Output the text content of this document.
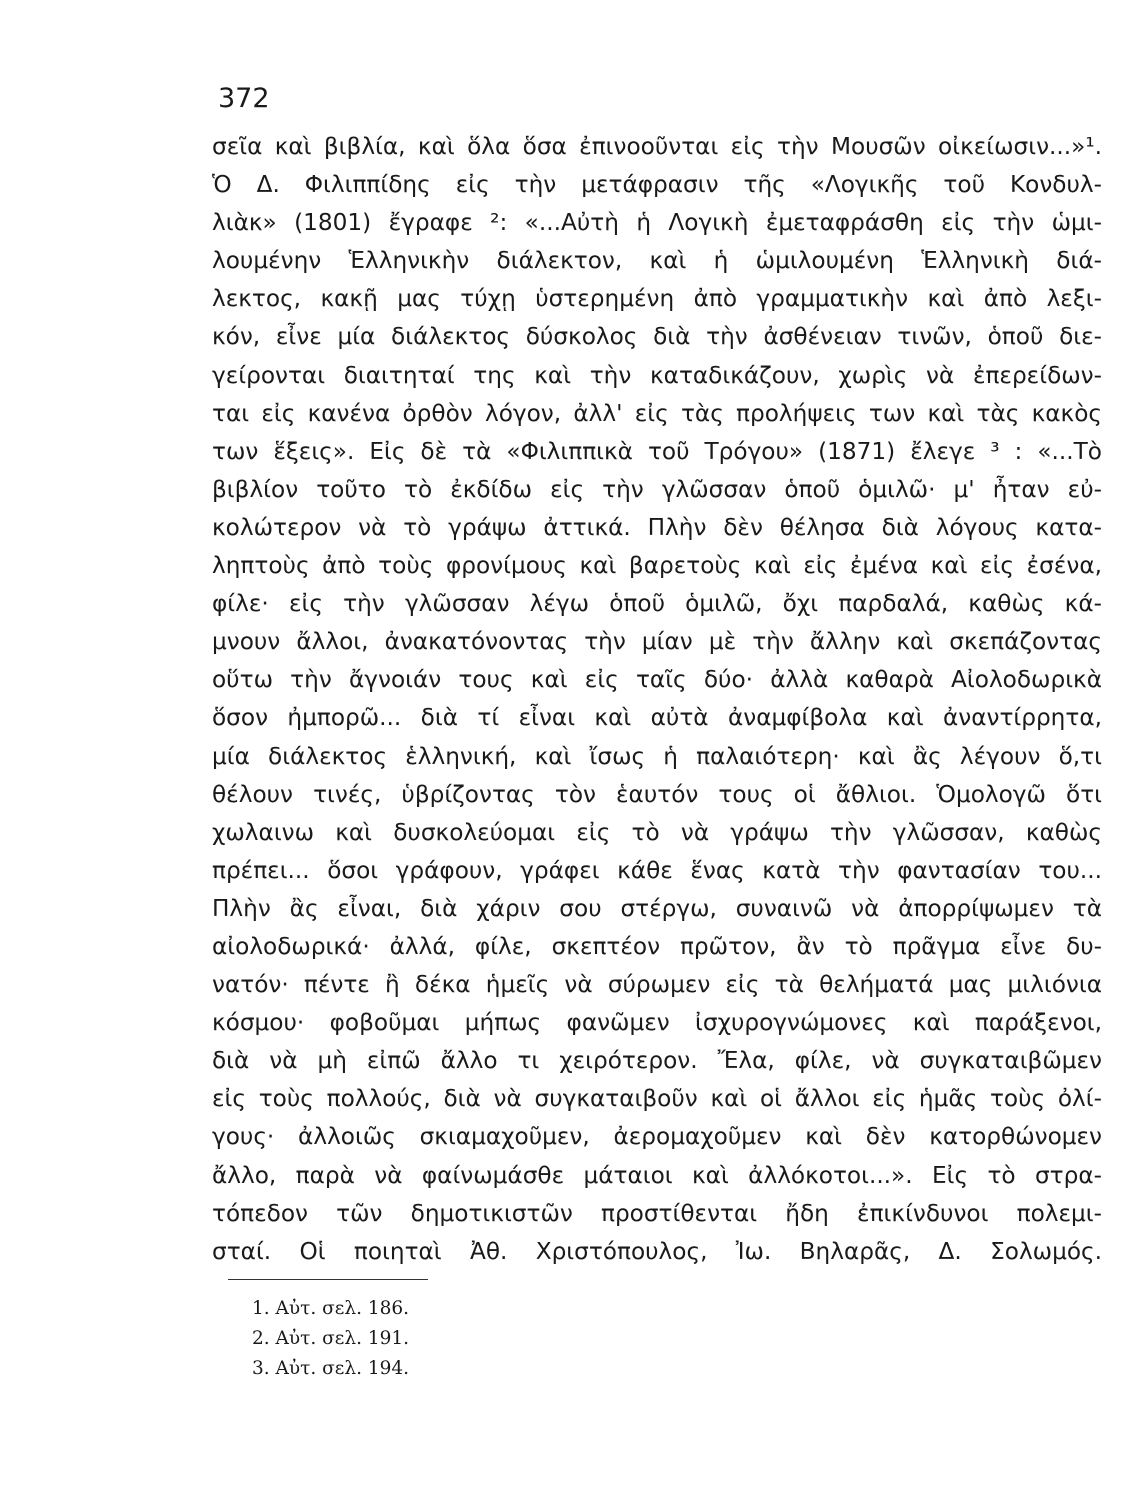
372
σεῖα καὶ βιβλία, καὶ ὅλα ὅσα ἐπινοοῦνται εἰς τὴν Μουσῶν οἰκείωσιν...»¹.
Ὁ Δ. Φιλιππίδης εἰς τὴν μετάφρασιν τῆς «Λογικῆς τοῦ Κονδυλ-
λιὰκ» (1801) ἔγραφε ²: «...Αὐτὴ ἡ Λογικὴ ἐμεταφράσθη εἰς τὴν ὡμι-
λουμένην Ἑλληνικὴν διάλεκτον, καὶ ἡ ὡμιλουμένη Ἑλληνικὴ διά-
λεκτος, κακῇ μας τύχῃ ὑστερημένη ἀπὸ γραμματικὴν καὶ ἀπὸ λεξι-
κόν, εἶνε μία διάλεκτος δύσκολος διὰ τὴν ἀσθένειαν τινῶν, ὁποῦ διε-
γείρονται διαιτηταί της καὶ τὴν καταδικάζουν, χωρὶς νὰ ἐπερείδων-
ται εἰς κανένα ὀρθὸν λόγον, ἀλλ' εἰς τὰς προλήψεις των καὶ τὰς κακὸς
των ἕξεις». Εἰς δὲ τὰ «Φιλιππικὰ τοῦ Τρόγου» (1871) ἔλεγε ³ : «...Τὸ
βιβλίον τοῦτο τὸ ἐκδίδω εἰς τὴν γλῶσσαν ὁποῦ ὁμιλῶ· μ' ἦταν εὐ-
κολώτερον νὰ τὸ γράψω ἀττικά. Πλὴν δὲν θέλησα διὰ λόγους κατα-
ληπτοὺς ἀπὸ τοὺς φρονίμους καὶ βαρετοὺς καὶ εἰς ἐμένα καὶ εἰς ἐσένα,
φίλε· εἰς τὴν γλῶσσαν λέγω ὁποῦ ὁμιλῶ, ὄχι παρδαλά, καθὼς κά-
μνουν ἄλλοι, ἀνακατόνοντας τὴν μίαν μὲ τὴν ἄλλην καὶ σκεπάζοντας
οὕτω τὴν ἄγνοιάν τους καὶ εἰς ταῖς δύο· ἀλλὰ καθαρὰ Αἰολοδωρικὰ
ὅσον ἠμπορῶ... διὰ τί εἶναι καὶ αὐτὰ ἀναμφίβολα καὶ ἀναντίρρητα,
μία διάλεκτος ἑλληνική, καὶ ἴσως ἡ παλαιότερη· καὶ ἂς λέγουν ὅ,τι
θέλουν τινές, ὑβρίζοντας τὸν ἑαυτόν τους οἱ ἄθλιοι. Ὁμολογῶ ὅτι
χωλαινω καὶ δυσκολεύομαι εἰς τὸ νὰ γράψω τὴν γλῶσσαν, καθὼς
πρέπει... ὅσοι γράφουν, γράφει κάθε ἕνας κατὰ τὴν φαντασίαν του...
Πλὴν ἂς εἶναι, διὰ χάριν σου στέργω, συναινῶ νὰ ἀπορρίψωμεν τὰ
αἰολοδωρικά· ἀλλά, φίλε, σκεπτέον πρῶτον, ἂν τὸ πρᾶγμα εἶνε δυ-
νατόν· πέντε ἢ δέκα ἡμεῖς νὰ σύρωμεν εἰς τὰ θελήματά μας μιλιόνια
κόσμου· φοβοῦμαι μήπως φανῶμεν ἰσχυρογνώμονες καὶ παράξενοι,
διὰ νὰ μὴ εἰπῶ ἄλλο τι χειρότερον. Ἔλα, φίλε, νὰ συγκαταιβῶμεν
εἰς τοὺς πολλούς, διὰ νὰ συγκαταιβοῦν καὶ οἱ ἄλλοι εἰς ἡμᾶς τοὺς ὀλί-
γους· ἀλλοιῶς σκιαμαχοῦμεν, ἀερομαχοῦμεν καὶ δὲν κατορθώνομεν
ἄλλο, παρὰ νὰ φαίνωμάσθε μάταιοι καὶ ἀλλόκοτοι...». Εἰς τὸ στρα-
τόπεδον τῶν δημοτικιστῶν προστίθενται ἤδη ἐπικίνδυνοι πολεμι-
σταί. Οἱ ποιηταὶ Ἀθ. Χριστόπουλος, Ἰω. Βηλαρᾶς, Δ. Σολωμός.
1. Αὐτ. σελ. 186.
2. Αὐτ. σελ. 191.
3. Αὐτ. σελ. 194.
